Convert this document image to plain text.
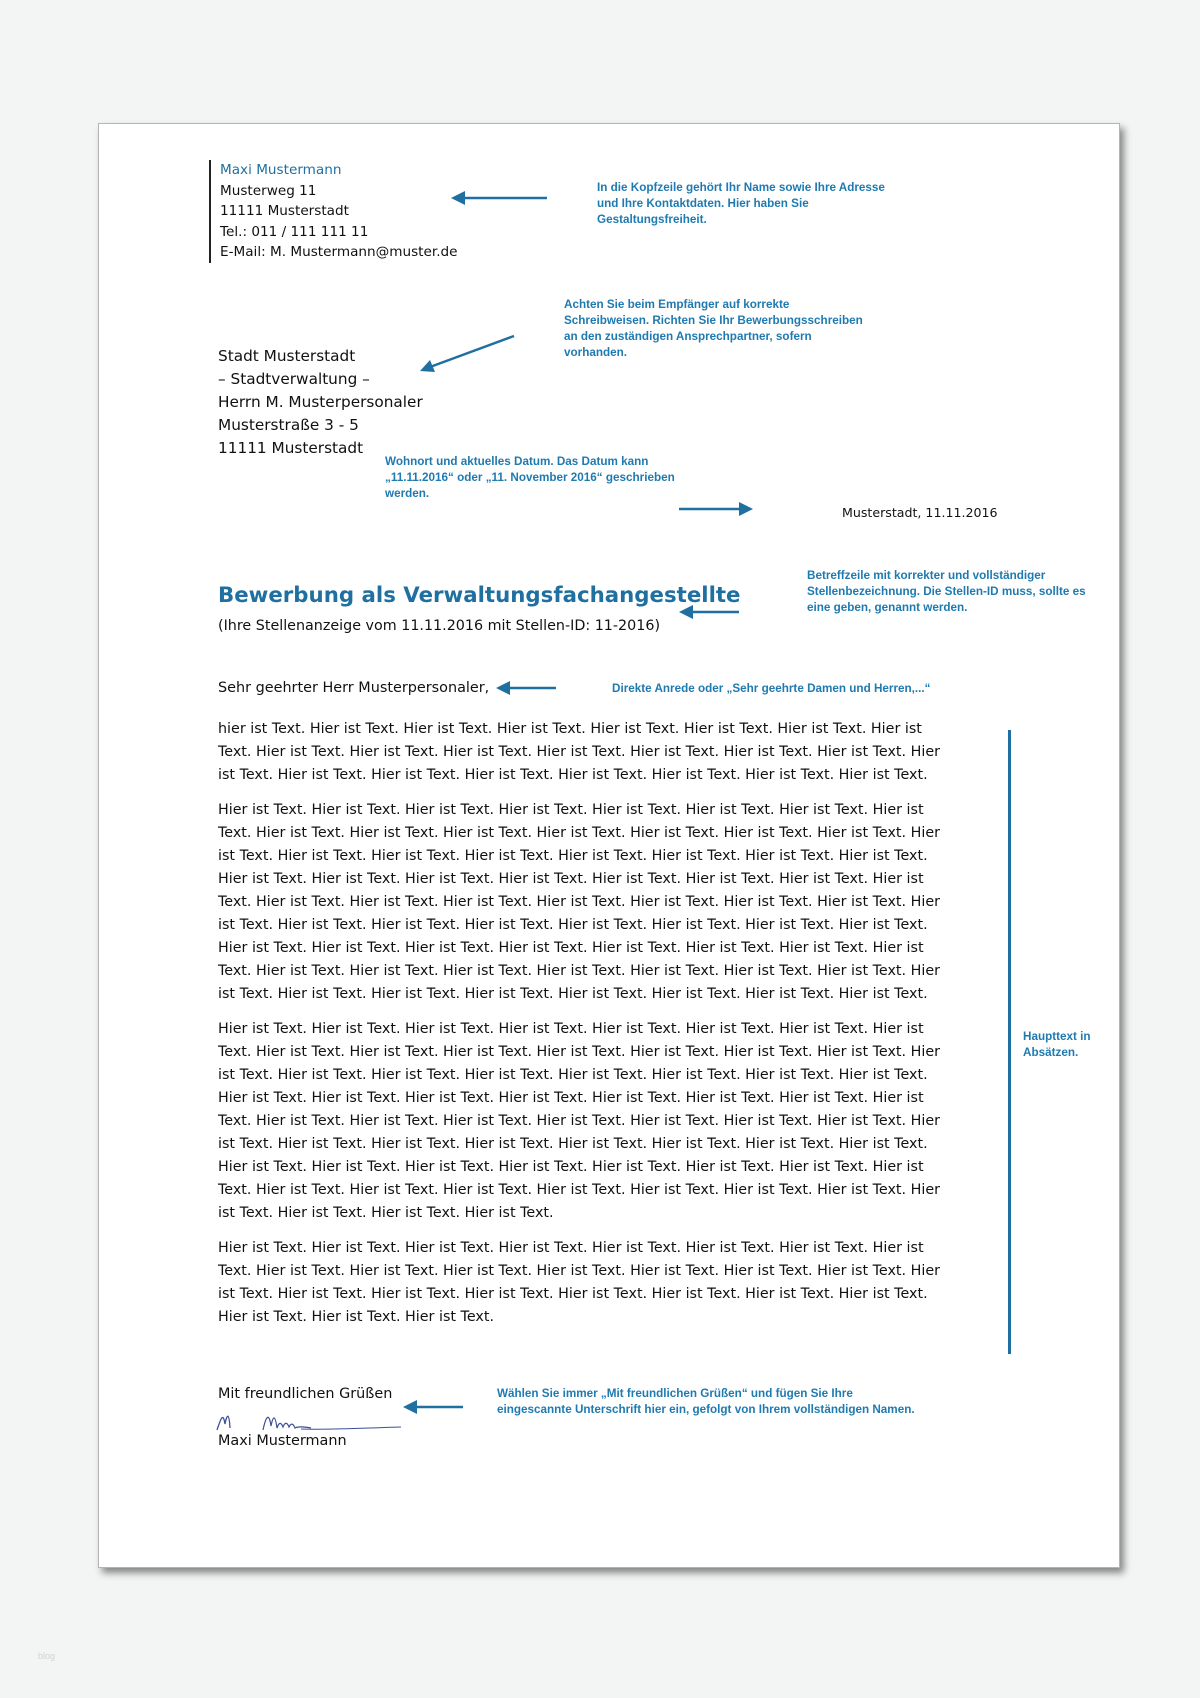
Maxi Mustermann
Musterweg 11
11111 Musterstadt
Tel.: 011 / 111 111 11
E-Mail: M. Mustermann@muster.de
Stadt Musterstadt
– Stadtverwaltung –
Herrn M. Musterpersonaler
Musterstraße 3 - 5
11111 Musterstadt
Musterstadt, 11.11.2016
Bewerbung als Verwaltungsfachangestellte
(Ihre Stellenanzeige vom 11.11.2016 mit Stellen-ID: 11-2016)
Sehr geehrter Herr Musterpersonaler,

hier ist Text. Hier ist Text. Hier ist Text. Hier ist Text. Hier ist Text. Hier ist Text. Hier ist Text. Hier ist Text. Hier ist Text. Hier ist Text. Hier ist Text. Hier ist Text. Hier ist Text. Hier ist Text. Hier ist Text. Hier ist Text. Hier ist Text. Hier ist Text. Hier ist Text. Hier ist Text. Hier ist Text. Hier ist Text. Hier ist Text.

Hier ist Text. Hier ist Text. Hier ist Text. Hier ist Text. Hier ist Text. Hier ist Text. Hier ist Text. Hier ist Text. Hier ist Text. Hier ist Text. Hier ist Text. Hier ist Text. Hier ist Text. Hier ist Text. Hier ist Text. Hier ist Text. Hier ist Text. Hier ist Text. Hier ist Text. Hier ist Text. Hier ist Text. Hier ist Text. Hier ist Text. Hier ist Text. Hier ist Text. Hier ist Text. Hier ist Text. Hier ist Text. Hier ist Text. Hier ist Text. Hier ist Text. Hier ist Text. Hier ist Text. Hier ist Text. Hier ist Text. Hier ist Text. Hier ist Text. Hier ist Text. Hier ist Text. Hier ist Text. Hier ist Text. Hier ist Text. Hier ist Text. Hier ist Text. Hier ist Text. Hier ist Text. Hier ist Text. Hier ist Text. Hier ist Text. Hier ist Text. Hier ist Text. Hier ist Text. Hier ist Text. Hier ist Text. Hier ist Text. Hier ist Text. Hier ist Text. Hier ist Text. Hier ist Text. Hier ist Text. Hier ist Text. Hier ist Text. Hier ist Text. Hier ist Text. Hier ist Text. Hier ist Text. Hier ist Text. Hier ist Text. Hier ist Text.

Hier ist Text. Hier ist Text. Hier ist Text. Hier ist Text. Hier ist Text. Hier ist Text. Hier ist Text. Hier ist Text. Hier ist Text. Hier ist Text. Hier ist Text. Hier ist Text. Hier ist Text. Hier ist Text. Hier ist Text. Hier ist Text. Hier ist Text. Hier ist Text. Hier ist Text. Hier ist Text. Hier ist Text. Hier ist Text. Hier ist Text. Hier ist Text. Hier ist Text. Hier ist Text. Hier ist Text. Hier ist Text. Hier ist Text. Hier ist Text. Hier ist Text. Hier ist Text. Hier ist Text. Hier ist Text. Hier ist Text. Hier ist Text. Hier ist Text. Hier ist Text. Hier ist Text. Hier ist Text. Hier ist Text. Hier ist Text. Hier ist Text. Hier ist Text. Hier ist Text. Hier ist Text. Hier ist Text. Hier ist Text. Hier ist Text. Hier ist Text. Hier ist Text. Hier ist Text. Hier ist Text. Hier ist Text. Hier ist Text. Hier ist Text. Hier ist Text. Hier ist Text. Hier ist Text. Hier ist Text. Hier ist Text. Hier ist Text. Hier ist Text. Hier ist Text. Hier ist Text.

Hier ist Text. Hier ist Text. Hier ist Text. Hier ist Text. Hier ist Text. Hier ist Text. Hier ist Text. Hier ist Text. Hier ist Text. Hier ist Text. Hier ist Text. Hier ist Text. Hier ist Text. Hier ist Text. Hier ist Text. Hier ist Text. Hier ist Text. Hier ist Text. Hier ist Text. Hier ist Text. Hier ist Text. Hier ist Text. Hier ist Text. Hier ist Text. Hier ist Text. Hier ist Text.

Mit freundlichen Grüßen
Maxi Mustermann
In die Kopfzeile gehört Ihr Name sowie Ihre Adresse und Ihre Kontaktdaten. Hier haben Sie Gestaltungsfreiheit.
Achten Sie beim Empfänger auf korrekte Schreibweisen. Richten Sie Ihr Bewerbungsschreiben an den zuständigen Ansprechpartner, sofern vorhanden.
Wohnort und aktuelles Datum. Das Datum kann „11.11.2016“ oder „11. November 2016“ geschrieben werden.
Betreffzeile mit korrekter und vollständiger Stellenbezeichnung. Die Stellen-ID muss, sollte es eine geben, genannt werden.
Direkte Anrede oder „Sehr geehrte Damen und Herren,...“
Haupttext in Absätzen.
Wählen Sie immer „Mit freundlichen Grüßen“ und fügen Sie Ihre eingescannte Unterschrift hier ein, gefolgt von Ihrem vollständigen Namen.
blog
